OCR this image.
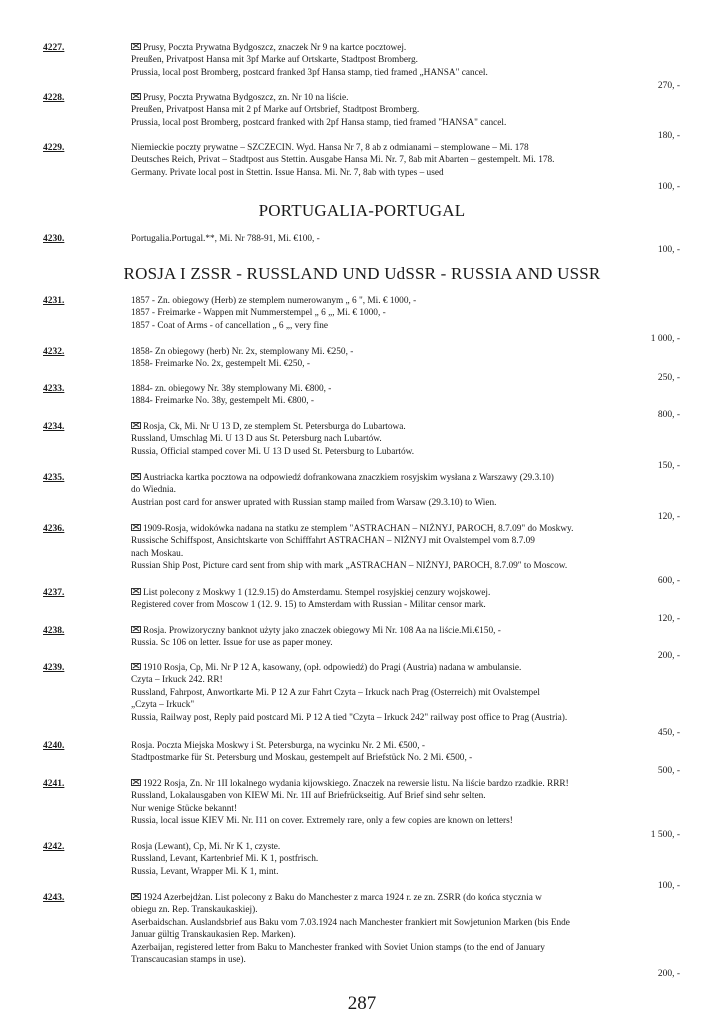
PORTUGALIA-PORTUGAL
ROSJA I ZSSR - RUSSLAND UND UdSSR - RUSSIA AND USSR
287
4227.	Prusy, Poczta Prywatna Bydgoszcz, znaczek Nr 9 na kartce pocztowej.
Preußen, Privatpost Hansa mit 3pf Marke auf Ortskarte, Stadtpost Bromberg.
Prussia, local post Bromberg, postcard franked 3pf Hansa stamp, tied framed „HANSA" cancel.
270, -
4228.	Prusy, Poczta Prywatna Bydgoszcz, zn. Nr 10 na liście.
Preußen, Privatpost Hansa mit 2 pf Marke auf Ortsbrief, Stadtpost Bromberg.
Prussia, local post Bromberg, postcard franked with 2pf Hansa stamp, tied framed "HANSA" cancel.
180, -
4229.	Niemieckie poczty prywatne – SZCZECIN. Wyd. Hansa Nr 7, 8 ab z odmianami – stemplowane – Mi. 178
Deutsches Reich, Privat – Stadtpost aus Stettin. Ausgabe Hansa Mi. Nr. 7, 8ab mit Abarten – gestempelt. Mi. 178.
Germany. Private local post in Stettin. Issue Hansa. Mi. Nr. 7, 8ab with types – used
100, -
4230.	Portugalia.Portugal.**, Mi. Nr 788-91, Mi. €100, -
100, -
4231.	1857 - Zn. obiegowy (Herb) ze stemplem numerowanym „ 6 ", Mi. € 1000, -
1857 - Freimarke - Wappen mit Nummerstempel „ 6 „, Mi. € 1000, -
1857 - Coat of Arms - of cancellation „ 6 „, very fine
1 000, -
4232.	1858- Zn obiegowy (herb) Nr. 2x, stemplowany Mi. €250, -
1858- Freimarke No. 2x, gestempelt Mi. €250, -
250, -
4233.	1884- zn. obiegowy Nr. 38y stemplowany Mi. €800, -
1884- Freimarke No. 38y, gestempelt Mi. €800, -
800, -
4234.	Rosja, Ck, Mi. Nr U 13 D, ze stemplem St. Petersburga do Lubartowa.
Russland, Umschlag Mi. U 13 D aus St. Petersburg nach Lubartów.
Russia, Official stamped cover Mi. U 13 D used St. Petersburg to Lubartów.
150, -
4235.	Austriacka kartka pocztowa na odpowiedź dofrankowana znaczkiem rosyjskim wysłana z Warszawy (29.3.10)
do Wiednia.
Austrian post card for answer uprated with Russian stamp mailed from Warsaw (29.3.10) to Wien.
120, -
4236.	1909-Rosja, widokówka nadana na statku ze stemplem "ASTRACHAN – NIŻNYJ, PAROCH, 8.7.09" do Moskwy.
Russische Schiffspost, Ansichtskarte von Schifffahrt ASTRACHAN – NIŻNYJ mit Ovalstempel vom 8.7.09
nach Moskau.
Russian Ship Post, Picture card sent from ship with mark „ASTRACHAN – NIŻNYJ, PAROCH, 8.7.09" to Moscow.
600, -
4237.	List polecony z Moskwy 1 (12.9.15) do Amsterdamu. Stempel rosyjskiej cenzury wojskowej.
Registered cover from Moscow 1 (12. 9. 15) to Amsterdam with Russian - Militar censor mark.
120, -
4238.	Rosja. Prowizoryczny banknot użyty jako znaczek obiegowy Mi Nr. 108 Aa na liście.Mi.€150, -
Russia. Sc 106 on letter. Issue for use as paper money.
200, -
4239.	1910 Rosja, Cp, Mi. Nr P 12 A, kasowany, (opł. odpowiedź) do Pragi (Austria) nadana w ambulansie.
Czyta – Irkuck 242. RR!
Russland, Fahrpost, Anwortkarte Mi. P 12 A zur Fahrt Czyta – Irkuck nach Prag (Osterreich) mit Ovalstempel
„Czyta – Irkuck"
Russia, Railway post, Reply paid postcard Mi. P 12 A tied "Czyta – Irkuck 242" railway post office to Prag (Austria).
450, -
4240.	Rosja. Poczta Miejska Moskwy i St. Petersburga, na wycinku Nr. 2 Mi. €500, -
Stadtpostmarke für St. Petersburg und Moskau, gestempelt auf Briefstück No. 2 Mi. €500, -
500, -
4241.	1922 Rosja, Zn. Nr 1II lokalnego wydania kijowskiego. Znaczek na rewersie listu. Na liście bardzo rzadkie. RRR!
Russland, Lokalausgaben von KIEW Mi. Nr. 1II auf Briefrückseitig. Auf Brief sind sehr selten.
Nur wenige Stücke bekannt!
Russia, local issue KIEV Mi. Nr. I11 on cover. Extremely rare, only a few copies are known on letters!
1 500, -
4242.	Rosja (Lewant), Cp, Mi. Nr K 1, czyste.
Russland, Levant, Kartenbrief Mi. K 1, postfrisch.
Russia, Levant, Wrapper Mi. K 1, mint.
100, -
4243.	1924 Azerbejdżan. List polecony z Baku do Manchester z marca 1924 r. ze zn. ZSRR (do końca stycznia w
obiegu zn. Rep. Transkaukaskiej).
Aserbaidschan. Auslandsbrief aus Baku vom 7.03.1924 nach Manchester frankiert mit Sowjetunion Marken (bis Ende
Januar gültig Transkaukasien Rep. Marken).
Azerbaijan, registered letter from Baku to Manchester franked with Soviet Union stamps (to the end of January
Transcaucasian stamps in use).
200, -
